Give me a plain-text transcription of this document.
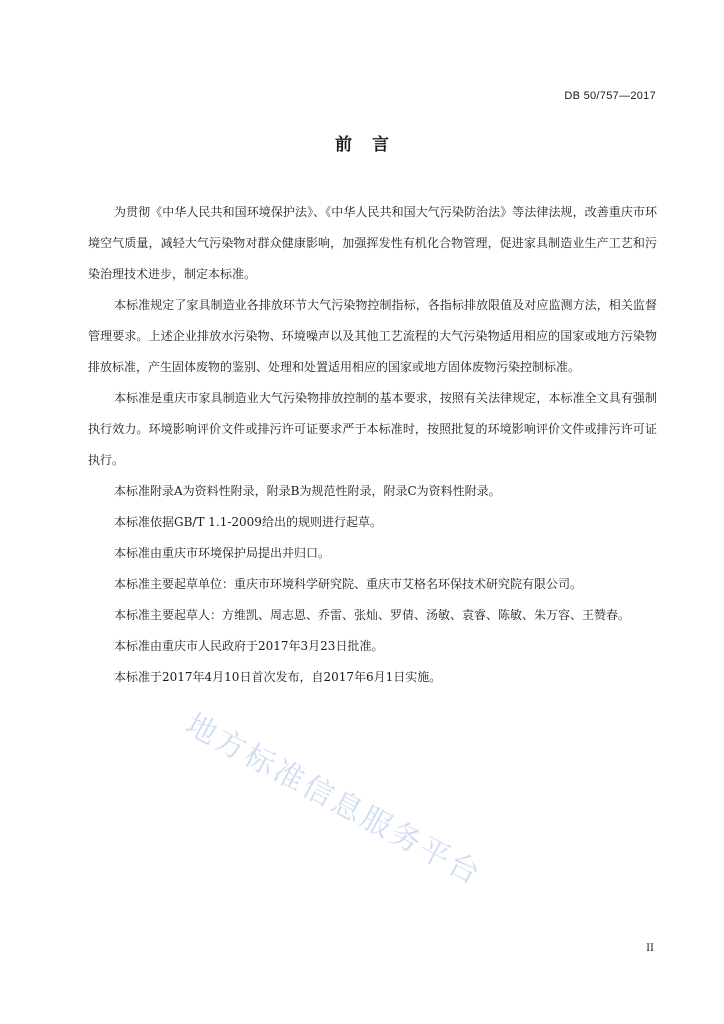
DB 50/757—2017
前言

为贯彻《中华人民共和国环境保护法》、《中华人民共和国大气污染防治法》等法律法规，改善重庆市环境空气质量，减轻大气污染物对群众健康影响，加强挥发性有机化合物管理，促进家具制造业生产工艺和污染治理技术进步，制定本标准。

本标准规定了家具制造业各排放环节大气污染物控制指标，各指标排放限值及对应监测方法，相关监督管理要求。上述企业排放水污染物、环境噪声以及其他工艺流程的大气污染物适用相应的国家或地方污染物排放标准，产生固体废物的鉴别、处理和处置适用相应的国家或地方固体废物污染控制标准。

本标准是重庆市家具制造业大气污染物排放控制的基本要求，按照有关法律规定，本标准全文具有强制执行效力。环境影响评价文件或排污许可证要求严于本标准时，按照批复的环境影响评价文件或排污许可证执行。

本标准附录A为资料性附录，附录B为规范性附录，附录C为资料性附录。

本标准依据GB/T 1.1-2009给出的规则进行起草。

本标准由重庆市环境保护局提出并归口。

本标准主要起草单位：重庆市环境科学研究院、重庆市艾格名环保技术研究院有限公司。

本标准主要起草人：方维凯、周志恩、乔雷、张灿、罗倩、汤敏、袁睿、陈敏、朱万容、王赞春。

本标准由重庆市人民政府于2017年3月23日批准。

本标准于2017年4月10日首次发布，自2017年6月1日实施。

地方标准信息服务平台
II
